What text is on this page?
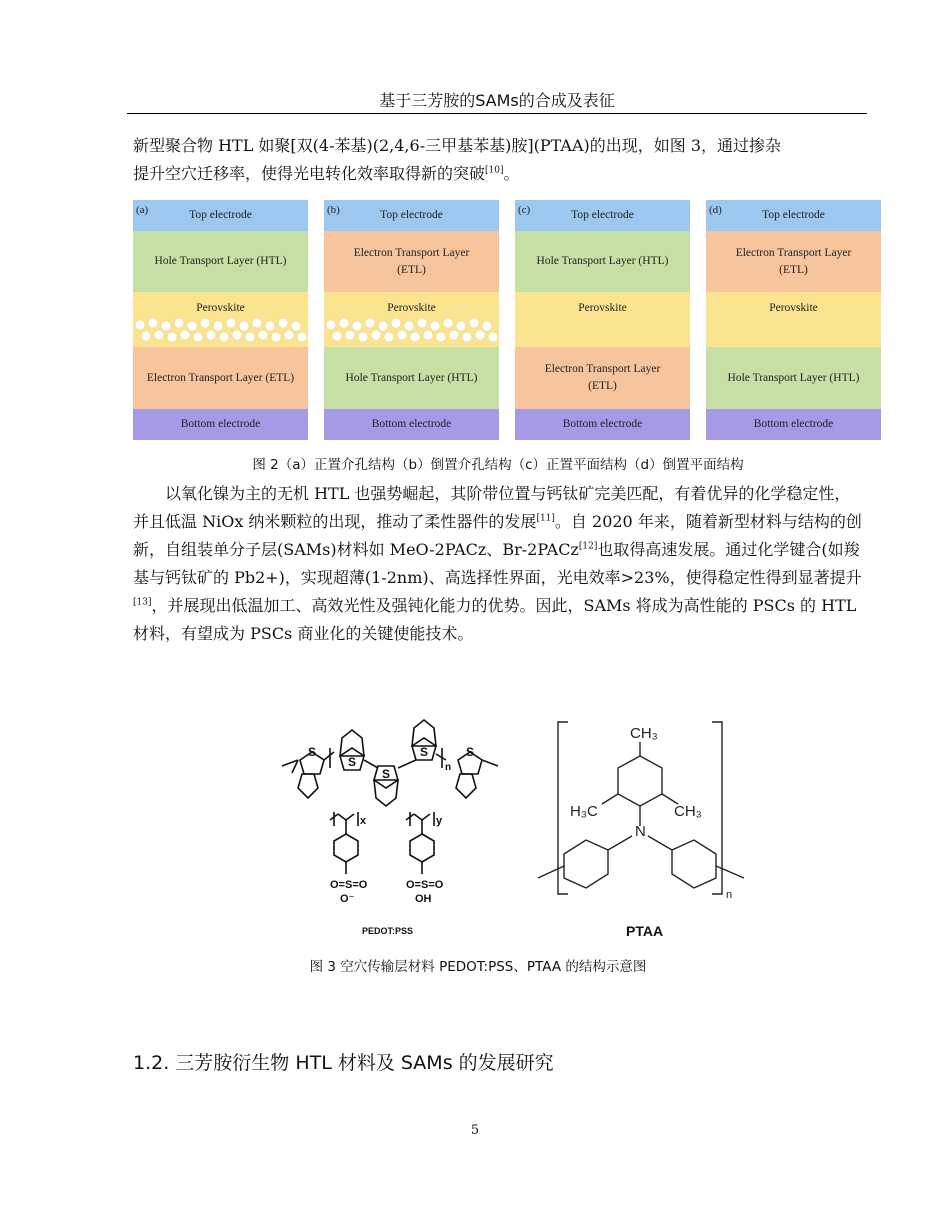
基于三芳胺的SAMs的合成及表征

新型聚合物 HTL 如聚[双(4-苯基)(2,4,6-三甲基苯基)胺](PTAA)的出现，如图 3，通过掺杂

提升空穴迁移率，使得光电转化效率取得新的突破[10]。

Top electrode
(a)
Hole Transport Layer (HTL)
Perovskite
Electron Transport Layer (ETL)
Bottom electrode
Top electrode
(b)
Electron Transport Layer (ETL)
Perovskite
Hole Transport Layer (HTL)
Bottom electrode
Top electrode
(c)
Hole Transport Layer (HTL)
Perovskite
Electron Transport Layer (ETL)
Bottom electrode
Top electrode
(d)
Electron Transport Layer (ETL)
Perovskite
Hole Transport Layer (HTL)
Bottom electrode
图 2（a）正置介孔结构（b）倒置介孔结构（c）正置平面结构（d）倒置平面结构

以氧化镍为主的无机 HTL 也强势崛起，其阶带位置与钙钛矿完美匹配，有着优异的化学稳定性，并且低温 NiOx 纳米颗粒的出现，推动了柔性器件的发展[11]。自 2020 年来，随着新型材料与结构的创新，自组装单分子层(SAMs)材料如 MeO-2PACz、Br-2PACz[12]也取得高速发展。通过化学键合(如羧基与钙钛矿的 Pb2+)，实现超薄(1-2nm)、高选择性界面，光电效率>23%，使得稳定性得到显著提升[13]，并展现出低温加工、高效光性及强钝化能力的优势。因此，SAMs 将成为高性能的 PSCs 的 HTL 材料，有望成为 PSCs 商业化的关键使能技术。

S
S
S
S	S
n
x	y
O=S=O	O=S=O
O⁻	OH
PEDOT:PSS
CH₃
H₃C	CH₃
N
n
PTAA
图 3 空穴传输层材料 PEDOT:PSS、PTAA 的结构示意图
1.2. 三芳胺衍生物 HTL 材料及 SAMs 的发展研究
5
